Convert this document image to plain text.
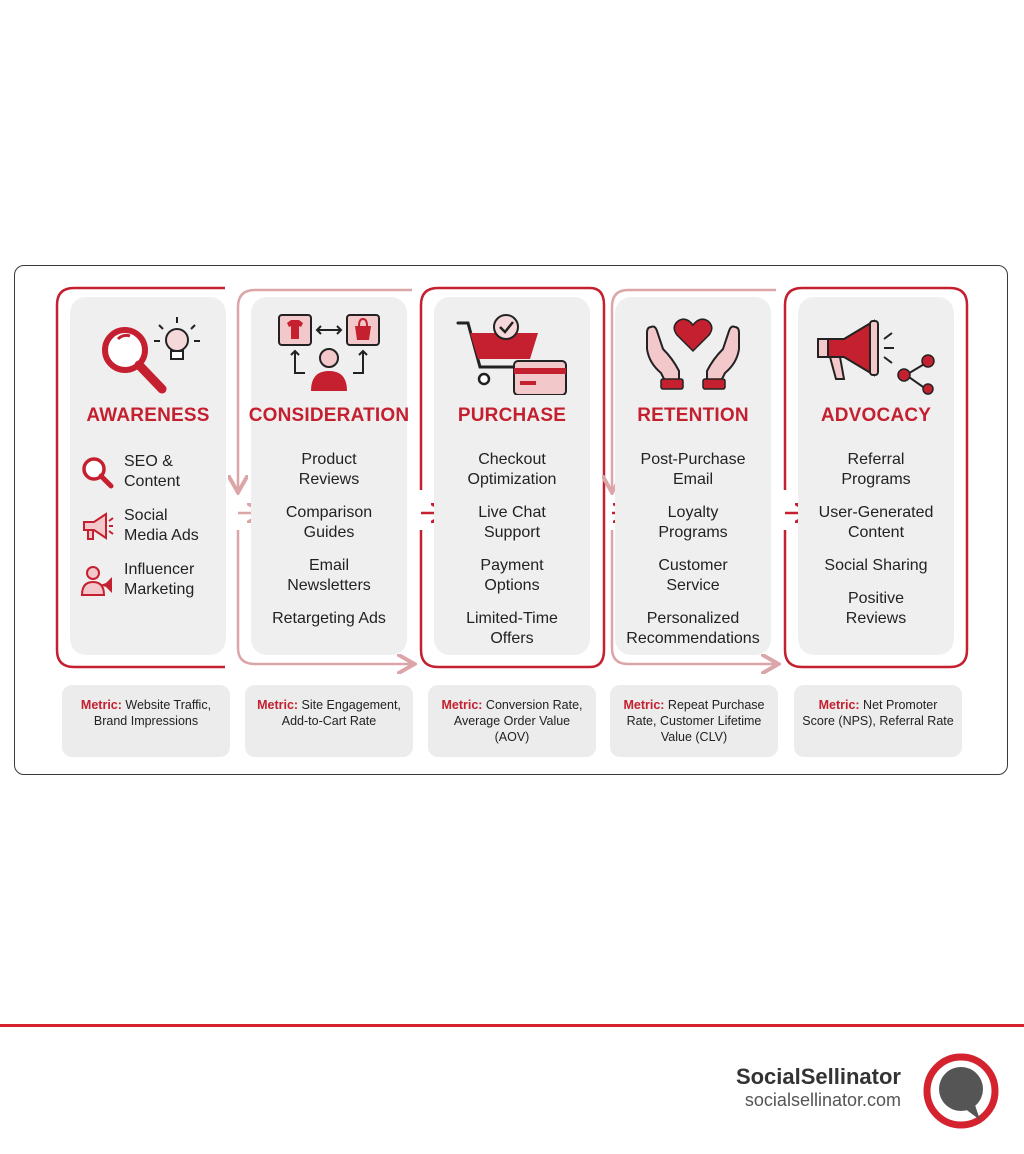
AWARENESS
SEO &
Content
Social
Media Ads
Influencer
Marketing
CONSIDERATION
Product
Reviews
Comparison
Guides
Email
Newsletters
Retargeting Ads
PURCHASE
Checkout
Optimization
Live Chat
Support
Payment
Options
Limited-Time
Offers
RETENTION
Post-Purchase
Email
Loyalty
Programs
Customer
Service
Personalized
Recommendations
ADVOCACY
Referral
Programs
User-Generated
Content
Social Sharing
Positive
Reviews
Metric: Website Traffic,
Brand Impressions
Metric: Site Engagement,
Add-to-Cart Rate
Metric: Conversion Rate,
Average Order Value
(AOV)
Metric: Repeat Purchase
Rate, Customer Lifetime
Value (CLV)
Metric: Net Promoter
Score (NPS), Referral Rate
SocialSellinator
socialsellinator.com
